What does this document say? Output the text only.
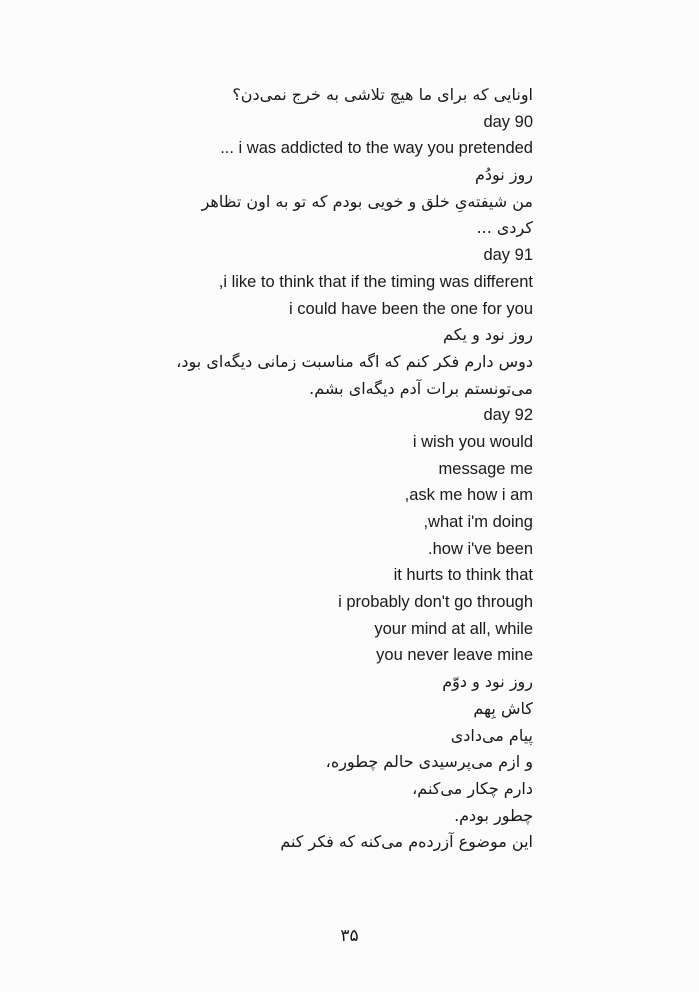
اونایی که برای ما هیچ تلاشی به خرج نمی‌دن؟
day 90
i was addicted to the way you pretended ...
روز نودُم
من شیفته‌یِ خلق و خویی بودم که تو به اون تظاهر
کردی ...
day 91
i like to think that if the timing was different,
i could have been the one for you
روز نود و یکم
دوس دارم فکر کنم که اگه مناسبت زمانی دیگه‌ای بود،
می‌تونستم برات آدم دیگه‌ای بشم.
day 92
i wish you would
message me
ask me how i am,
what i'm doing,
how i've been.
it hurts to think that
i probably don't go through
your mind at all, while
you never leave mine
روز نود و دوّم
کاش بِهم
پیام می‌دادی
و ازم می‌پرسیدی حالم چطوره،
دارم چکار می‌کنم،
چطور بودم.
این موضوع آزرده‌م می‌کنه که فکر کنم
۳۵
